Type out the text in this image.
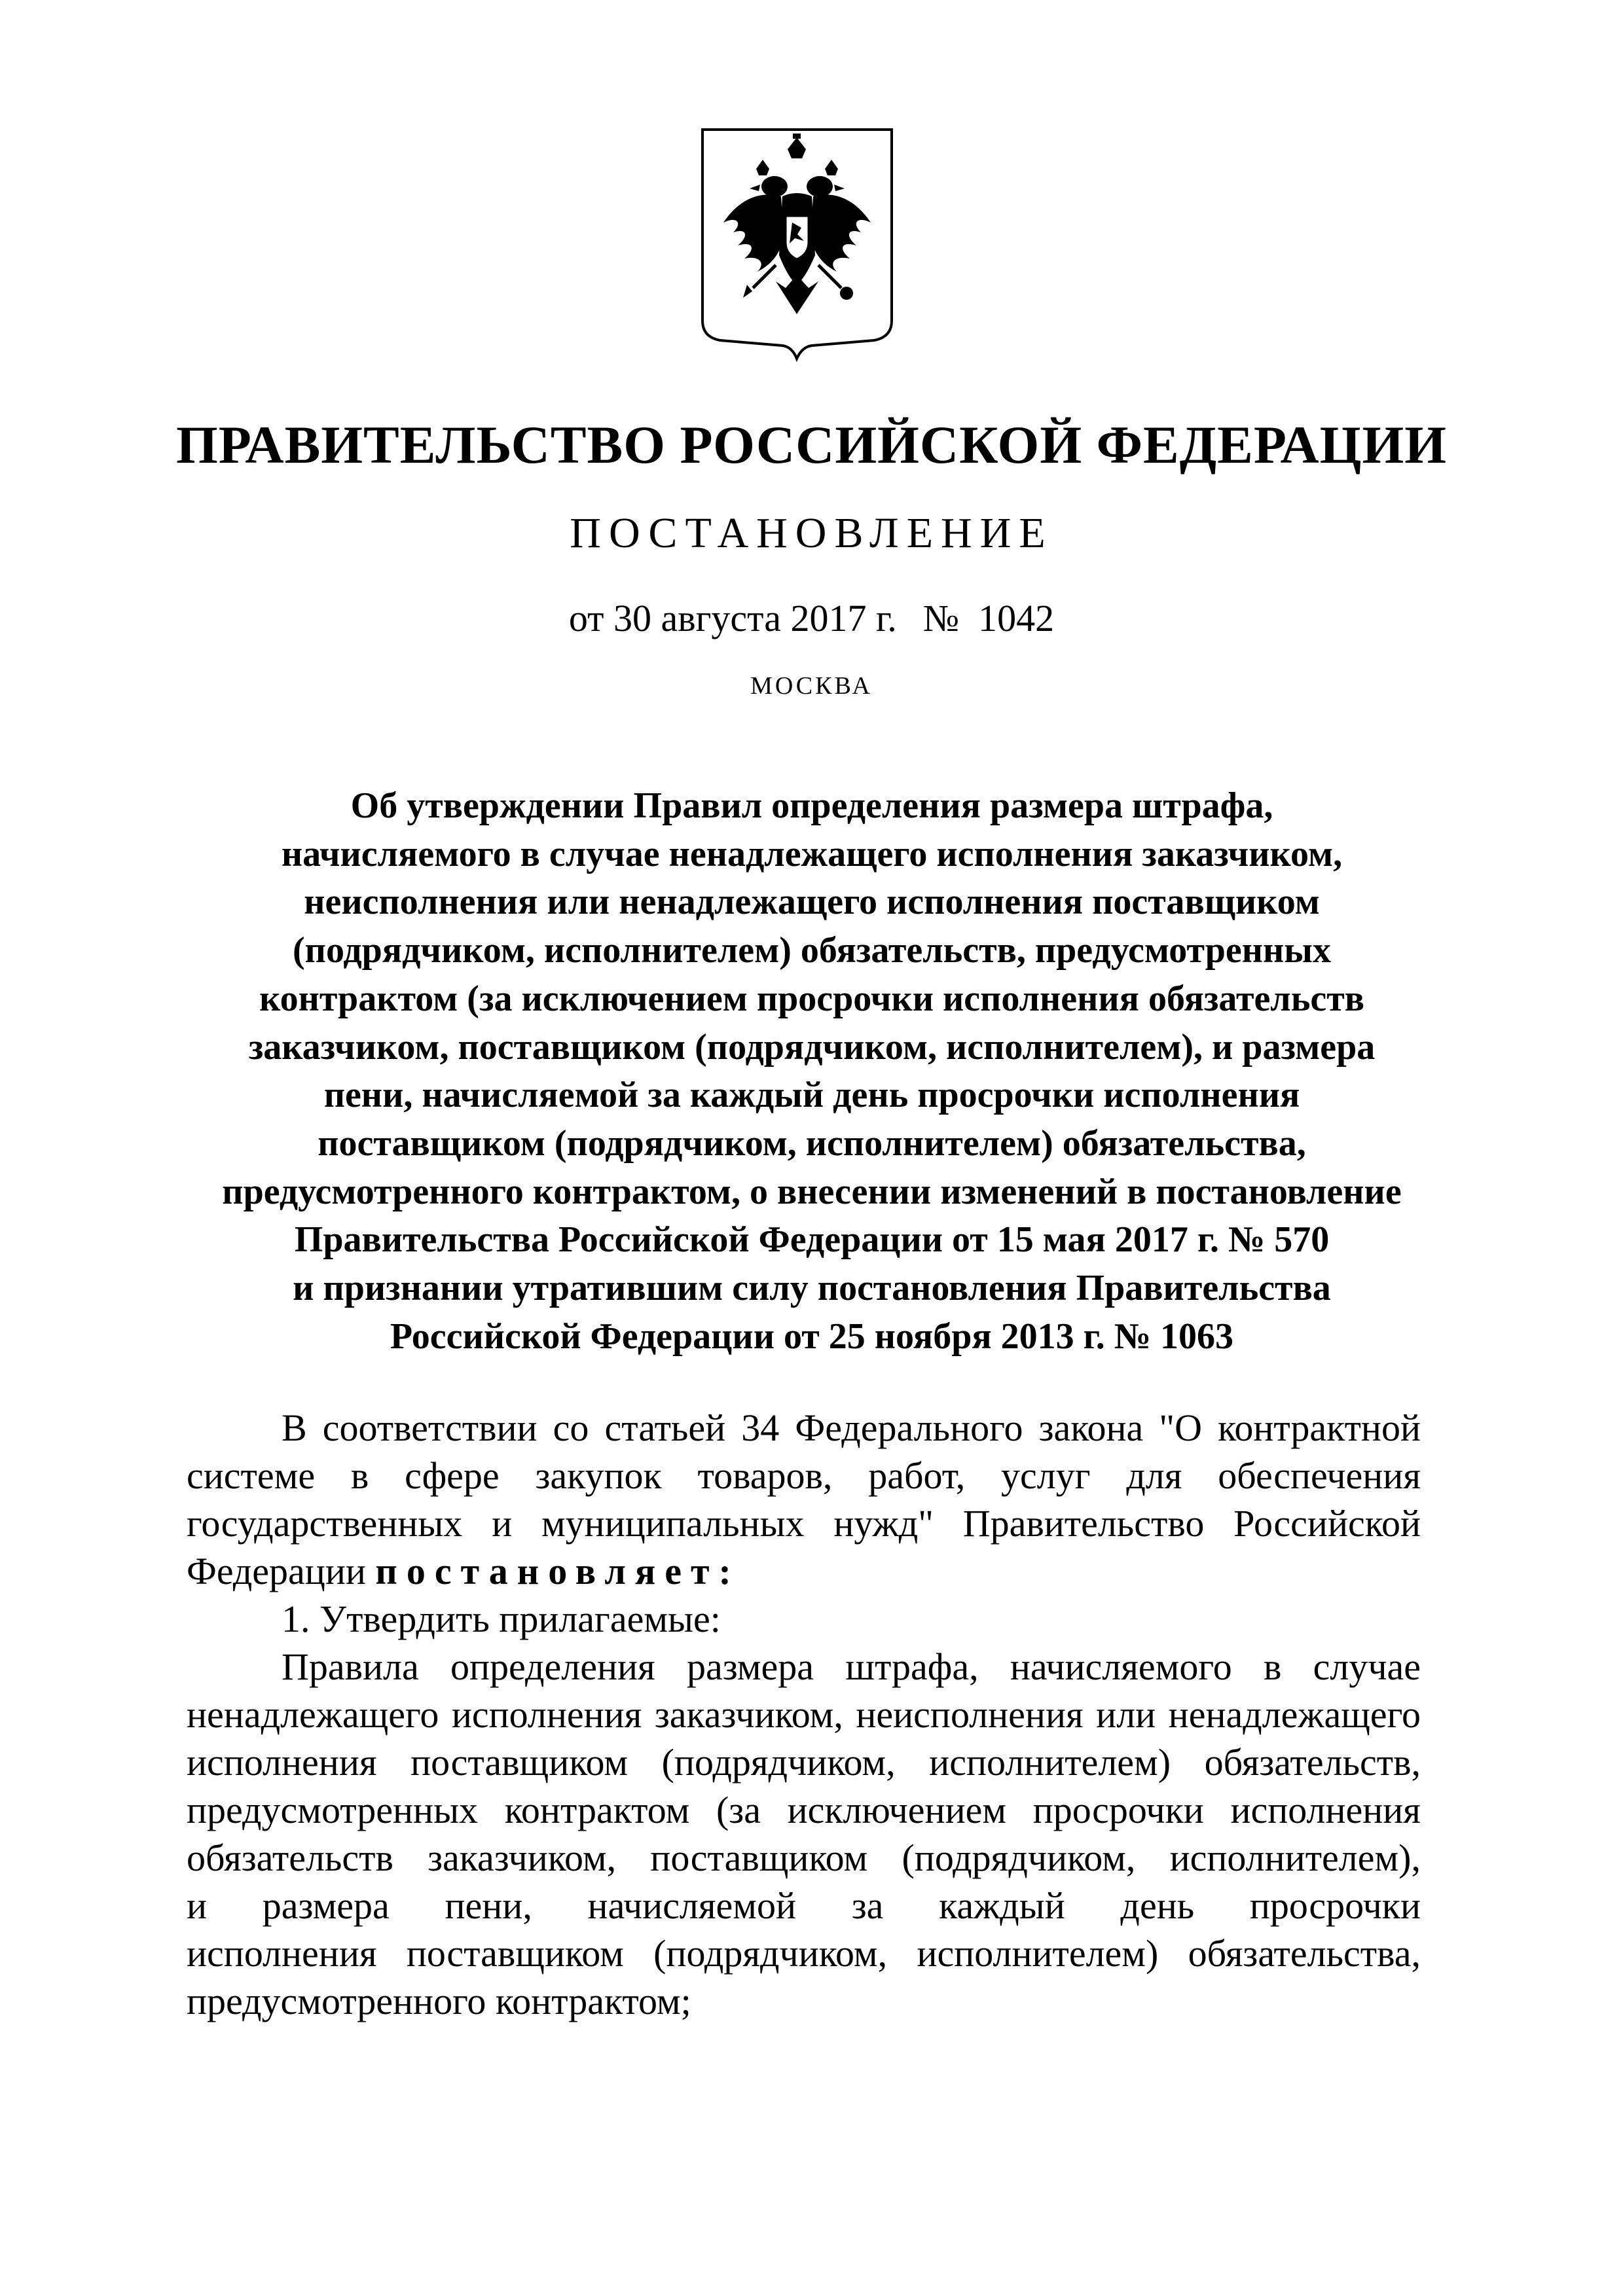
ПРАВИТЕЛЬСТВО РОССИЙСКОЙ ФЕДЕРАЦИИ
ПОСТАНОВЛЕНИЕ
от 30 августа 2017 г. № 1042
МОСКВА
Об утверждении Правил определения размера штрафа,
начисляемого в случае ненадлежащего исполнения заказчиком,
неисполнения или ненадлежащего исполнения поставщиком
(подрядчиком, исполнителем) обязательств, предусмотренных
контрактом (за исключением просрочки исполнения обязательств
заказчиком, поставщиком (подрядчиком, исполнителем), и размера
пени, начисляемой за каждый день просрочки исполнения
поставщиком (подрядчиком, исполнителем) обязательства,
предусмотренного контрактом, о внесении изменений в постановление
Правительства Российской Федерации от 15 мая 2017 г. № 570
и признании утратившим силу постановления Правительства
Российской Федерации от 25 ноября 2013 г. № 1063
В соответствии со статьей 34 Федерального закона "О контрактной
системе в сфере закупок товаров, работ, услуг для обеспечения
государственных и муниципальных нужд" Правительство Российской
Федерации постановляет:
1. Утвердить прилагаемые:
Правила определения размера штрафа, начисляемого в случае
ненадлежащего исполнения заказчиком, неисполнения или ненадлежащего
исполнения поставщиком (подрядчиком, исполнителем) обязательств,
предусмотренных контрактом (за исключением просрочки исполнения
обязательств заказчиком, поставщиком (подрядчиком, исполнителем),
и размера пени, начисляемой за каждый день просрочки
исполнения поставщиком (подрядчиком, исполнителем) обязательства,
предусмотренного контрактом;
